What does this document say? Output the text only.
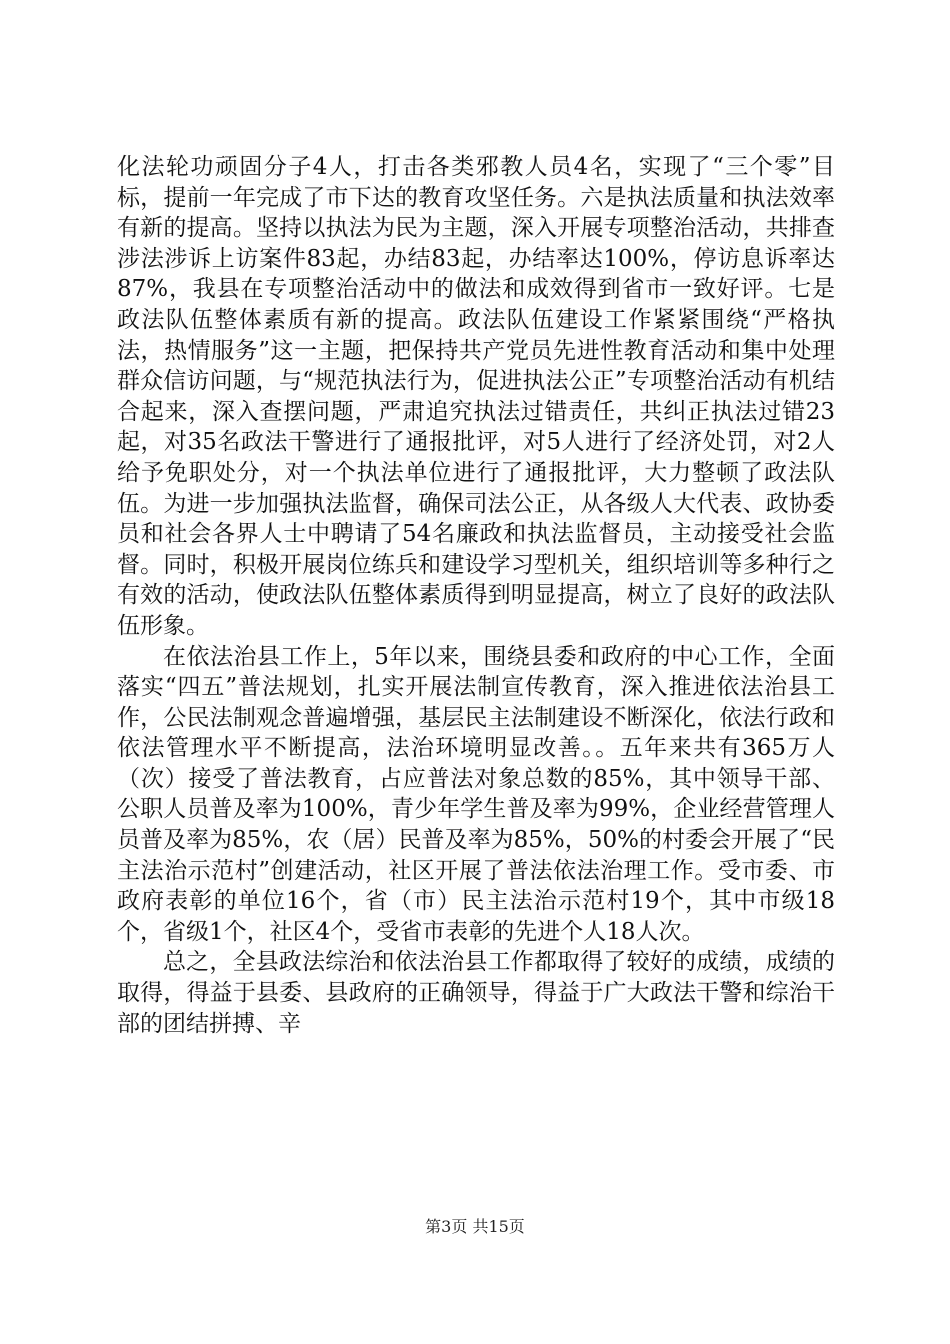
化法轮功顽固分子4人，打击各类邪教人员4名，实现了“三个零”目标，提前一年完成了市下达的教育攻坚任务。六是执法质量和执法效率有新的提高。坚持以执法为民为主题，深入开展专项整治活动，共排查涉法涉诉上访案件83起，办结83起，办结率达100%，停访息诉率达87%，我县在专项整治活动中的做法和成效得到省市一致好评。七是政法队伍整体素质有新的提高。政法队伍建设工作紧紧围绕“严格执法，热情服务”这一主题，把保持共产党员先进性教育活动和集中处理群众信访问题，与“规范执法行为，促进执法公正”专项整治活动有机结合起来，深入查摆问题，严肃追究执法过错责任，共纠正执法过错23起，对35名政法干警进行了通报批评，对5人进行了经济处罚，对2人给予免职处分，对一个执法单位进行了通报批评，大力整顿了政法队伍。为进一步加强执法监督，确保司法公正，从各级人大代表、政协委员和社会各界人士中聘请了54名廉政和执法监督员，主动接受社会监督。同时，积极开展岗位练兵和建设学习型机关，组织培训等多种行之有效的活动，使政法队伍整体素质得到明显提高，树立了良好的政法队伍形象。

在依法治县工作上，5年以来，围绕县委和政府的中心工作，全面落实“四五”普法规划，扎实开展法制宣传教育，深入推进依法治县工作，公民法制观念普遍增强，基层民主法制建设不断深化，依法行政和依法管理水平不断提高，法治环境明显改善。。五年来共有365万人（次）接受了普法教育，占应普法对象总数的85%，其中领导干部、公职人员普及率为100%，青少年学生普及率为99%，企业经营管理人员普及率为85%，农（居）民普及率为85%，50%的村委会开展了“民主法治示范村”创建活动，社区开展了普法依法治理工作。受市委、市政府表彰的单位16个，省（市）民主法治示范村19个，其中市级18个，省级1个，社区4个，受省市表彰的先进个人18人次。

总之，全县政法综治和依法治县工作都取得了较好的成绩，成绩的取得，得益于县委、县政府的正确领导，得益于广大政法干警和综治干部的团结拼搏、辛

第3页 共15页
